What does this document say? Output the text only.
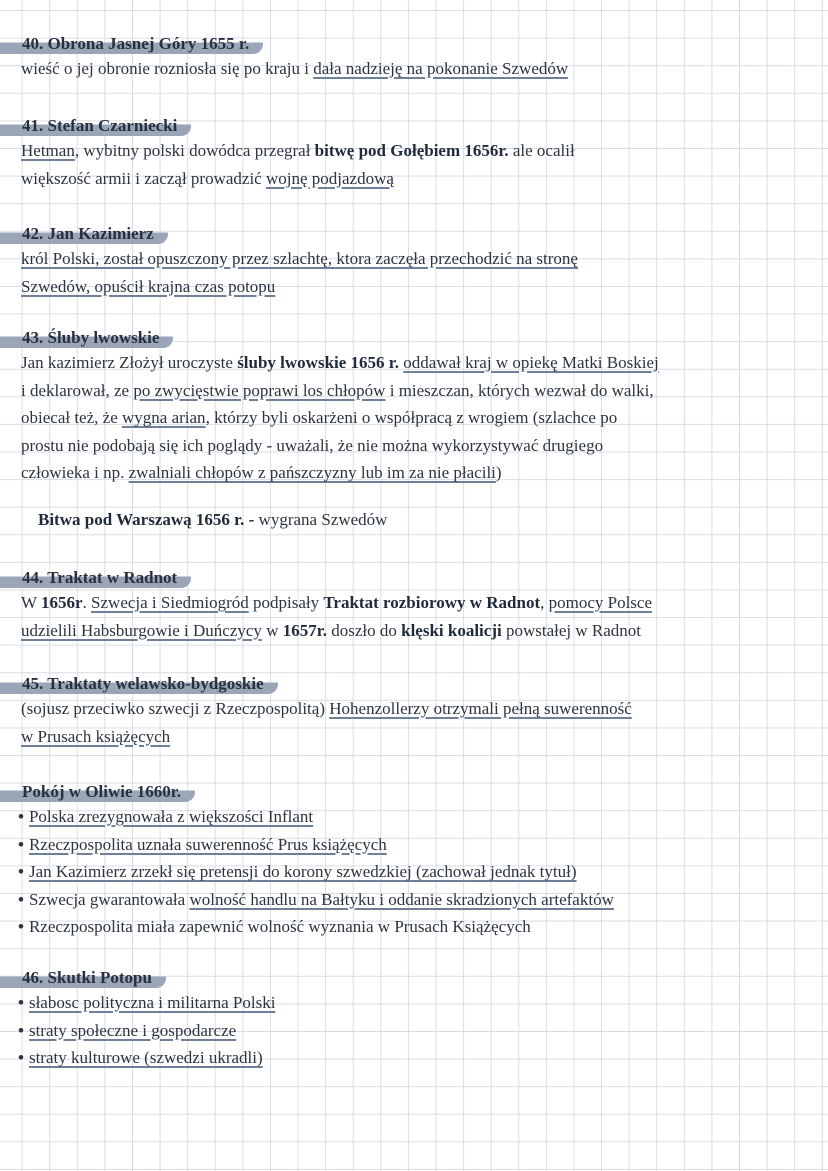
40. Obrona Jasnej Góry 1655 r.
wieść o jej obronie rozniosła się po kraju i dała nadzieję na pokonanie Szwedów
41. Stefan Czarniecki
Hetman, wybitny polski dowódca przegrał bitwę pod Gołębiem 1656r. ale ocalił
większość armii i zaczął prowadzić wojnę podjazdową
42. Jan Kazimierz
król Polski, został opuszczony przez szlachtę, ktora zaczęła przechodzić na stronę
Szwedów, opuścił krajna czas potopu
43. Śluby lwowskie
Jan kazimierz Złożył uroczyste śluby lwowskie 1656 r. oddawał kraj w opiekę Matki Boskiej
i deklarował, ze po zwycięstwie poprawi los chłopów i mieszczan, których wezwał do walki,
obiecał też, że wygna arian, którzy byli oskarżeni o współpracą z wrogiem (szlachce po
prostu nie podobają się ich poglądy - uważali, że nie można wykorzystywać drugiego
człowieka i np. zwalniali chłopów z pańszczyzny lub im za nie płacili)
Bitwa pod Warszawą 1656 r. - wygrana Szwedów
44. Traktat w Radnot
W 1656r. Szwecja i Siedmiogród podpisały Traktat rozbiorowy w Radnot, pomocy Polsce
udzielili Habsburgowie i Duńczycy w 1657r. doszło do klęski koalicji powstałej w Radnot
45. Traktaty welawsko-bydgoskie
(sojusz przeciwko szwecji z Rzeczpospolitą) Hohenzollerzy otrzymali pełną suwerenność
w Prusach książęcych
Pokój w Oliwie 1660r.
• Polska zrezygnowała z większości Inflant
• Rzeczpospolita uznała suwerenność Prus książęcych
• Jan Kazimierz zrzekł się pretensji do korony szwedzkiej (zachował jednak tytuł)
• Szwecja gwarantowała wolność handlu na Bałtyku i oddanie skradzionych artefaktów
• Rzeczpospolita miała zapewnić wolność wyznania w Prusach Książęcych
46. Skutki Potopu
• słabosc polityczna i militarna Polski
• straty społeczne i gospodarcze
• straty kulturowe (szwedzi ukradli)
